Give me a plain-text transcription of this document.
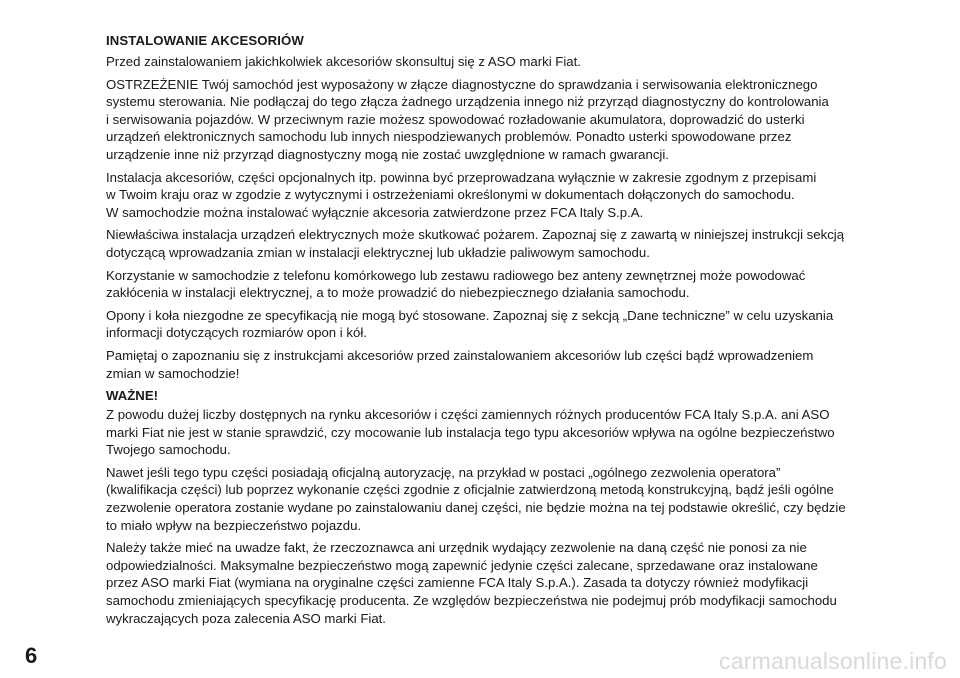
INSTALOWANIE AKCESORIÓW

Przed zainstalowaniem jakichkolwiek akcesoriów skonsultuj się z ASO marki Fiat.

OSTRZEŻENIE Twój samochód jest wyposażony w złącze diagnostyczne do sprawdzania i serwisowania elektronicznego
systemu sterowania. Nie podłączaj do tego złącza żadnego urządzenia innego niż przyrząd diagnostyczny do kontrolowania
i serwisowania pojazdów. W przeciwnym razie możesz spowodować rozładowanie akumulatora, doprowadzić do usterki
urządzeń elektronicznych samochodu lub innych niespodziewanych problemów. Ponadto usterki spowodowane przez
urządzenie inne niż przyrząd diagnostyczny mogą nie zostać uwzględnione w ramach gwarancji.

Instalacja akcesoriów, części opcjonalnych itp. powinna być przeprowadzana wyłącznie w zakresie zgodnym z przepisami
w Twoim kraju oraz w zgodzie z wytycznymi i ostrzeżeniami określonymi w dokumentach dołączonych do samochodu.
W samochodzie można instalować wyłącznie akcesoria zatwierdzone przez FCA Italy S.p.A.

Niewłaściwa instalacja urządzeń elektrycznych może skutkować pożarem. Zapoznaj się z zawartą w niniejszej instrukcji sekcją
dotyczącą wprowadzania zmian w instalacji elektrycznej lub układzie paliwowym samochodu.

Korzystanie w samochodzie z telefonu komórkowego lub zestawu radiowego bez anteny zewnętrznej może powodować
zakłócenia w instalacji elektrycznej, a to może prowadzić do niebezpiecznego działania samochodu.

Opony i koła niezgodne ze specyfikacją nie mogą być stosowane. Zapoznaj się z sekcją „Dane techniczne” w celu uzyskania
informacji dotyczących rozmiarów opon i kół.

Pamiętaj o zapoznaniu się z instrukcjami akcesoriów przed zainstalowaniem akcesoriów lub części bądź wprowadzeniem
zmian w samochodzie!

WAŻNE!

Z powodu dużej liczby dostępnych na rynku akcesoriów i części zamiennych różnych producentów FCA Italy S.p.A. ani ASO
marki Fiat nie jest w stanie sprawdzić, czy mocowanie lub instalacja tego typu akcesoriów wpływa na ogólne bezpieczeństwo
Twojego samochodu.

Nawet jeśli tego typu części posiadają oficjalną autoryzację, na przykład w postaci „ogólnego zezwolenia operatora”
(kwalifikacja części) lub poprzez wykonanie części zgodnie z oficjalnie zatwierdzoną metodą konstrukcyjną, bądź jeśli ogólne
zezwolenie operatora zostanie wydane po zainstalowaniu danej części, nie będzie można na tej podstawie określić, czy będzie
to miało wpływ na bezpieczeństwo pojazdu.

Należy także mieć na uwadze fakt, że rzeczoznawca ani urzędnik wydający zezwolenie na daną część nie ponosi za nie
odpowiedzialności. Maksymalne bezpieczeństwo mogą zapewnić jedynie części zalecane, sprzedawane oraz instalowane
przez ASO marki Fiat (wymiana na oryginalne części zamienne FCA Italy S.p.A.). Zasada ta dotyczy również modyfikacji
samochodu zmieniających specyfikację producenta. Ze względów bezpieczeństwa nie podejmuj prób modyfikacji samochodu
wykraczających poza zalecenia ASO marki Fiat.

6	carmanualsonline.info
